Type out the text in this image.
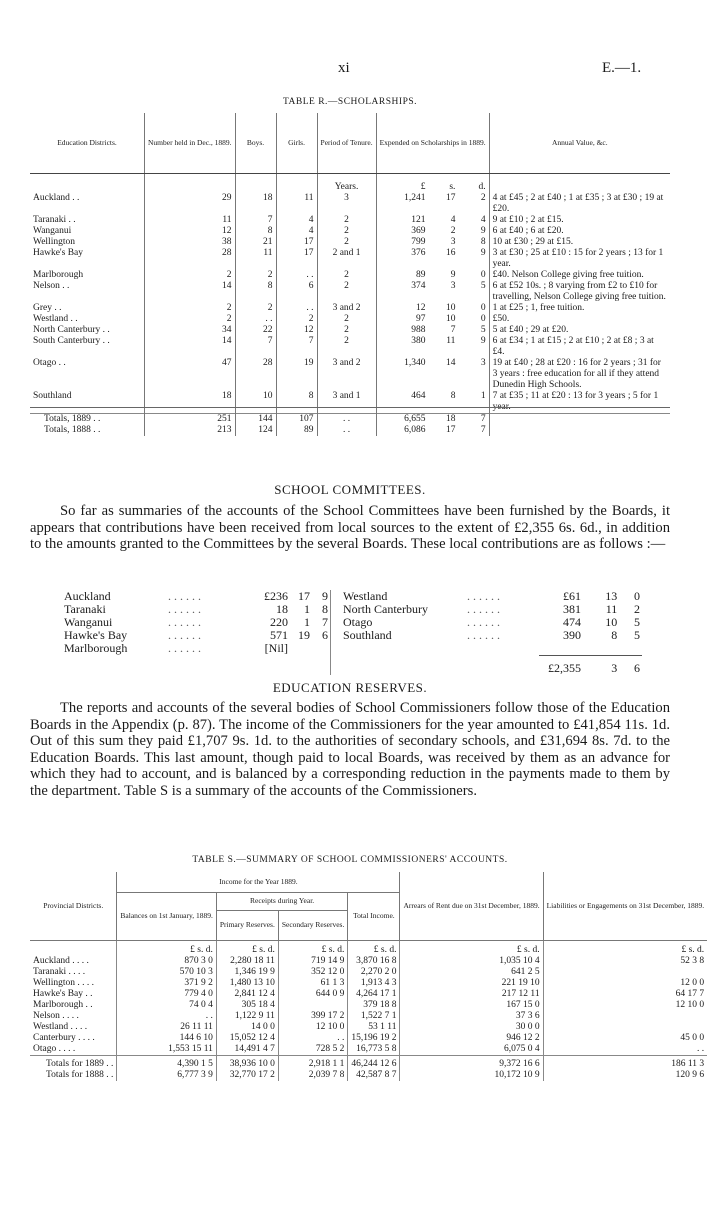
xi	E.—1.
TABLE R.—SCHOLARSHIPS.
Education Districts.	Number held in Dec., 1889.	Boys.	Girls.	Period of Tenure.	Expended on Scholarships in 1889.			Annual Value, &c.
				Years.	£	s.	d.	
Auckland . .	29	18	11	3	1,241	17	2	4 at £45 ; 2 at £40 ; 1 at £35 ; 3 at £30 ; 19 at £20.
Taranaki . .	11	7	4	2	121	4	4	9 at £10 ; 2 at £15.
Wanganui	12	8	4	2	369	2	9	6 at £40 ; 6 at £20.
Wellington	38	21	17	2	799	3	8	10 at £30 ; 29 at £15.
Hawke's Bay	28	11	17	2 and 1	376	16	9	3 at £30 ; 25 at £10 : 15 for 2 years ; 13 for 1 year.
Marlborough	2	2	. .	2	89	9	0	£40. Nelson College giving free tuition.
Nelson . .	14	8	6	2	374	3	5	6 at £52 10s. ; 8 varying from £2 to £10 for travelling, Nelson College giving free tuition.
Grey . .	2	2	. .	3 and 2	12	10	0	1 at £25 ; 1, free tuition.
Westland . .	2	. .	2	2	97	10	0	£50.
North Canterbury . .	34	22	12	2	988	7	5	5 at £40 ; 29 at £20.
South Canterbury . .	14	7	7	2	380	11	9	6 at £34 ; 1 at £15 ; 2 at £10 ; 2 at £8 ; 3 at £4.
Otago . .	47	28	19	3 and 2	1,340	14	3	19 at £40 ; 28 at £20 : 16 for 2 years ; 31 for 3 years : free education for all if they attend Dunedin High Schools.
Southland	18	10	8	3 and 1	464	8	1	7 at £35 ; 11 at £20 : 13 for 3 years ; 5 for 1 year.
Totals, 1889 . .	251	144	107	. .	6,655	18	7	
Totals, 1888 . .	213	124	89	. .	6,086	17	7	
SCHOOL COMMITTEES.
So far as summaries of the accounts of the School Committees have been furnished by the Boards, it appears that contributions have been received from local sources to the extent of £2,355 6s. 6d., in addition to the amounts granted to the Committees by the several Boards. These local contributions are as follows :—
Auckland	. . . . . .	£236	17	9		Westland	. . . . . .	£61	13	0
Taranaki	. . . . . .	18	1	8		North Canterbury	. . . . . .	381	11	2
Wanganui	. . . . . .	220	1	7		Otago	. . . . . .	474	10	5
Hawke's Bay	. . . . . .	571	19	6		Southland	. . . . . .	390	8	5
Marlborough	. . . . . .	[Nil]								
								£2,355	3	6
EDUCATION RESERVES.
The reports and accounts of the several bodies of School Commissioners follow those of the Education Boards in the Appendix (p. 87). The income of the Commissioners for the year amounted to £41,854 11s. 1d. Out of this sum they paid £1,707 9s. 1d. to the authorities of secondary schools, and £31,694 8s. 7d. to the Education Boards. This last amount, though paid to local Boards, was received by them as an advance for which they had to account, and is balanced by a corresponding reduction in the payments made to them by the department. Table S is a summary of the accounts of the Commissioners.
TABLE S.—SUMMARY OF SCHOOL COMMISSIONERS' ACCOUNTS.
Provincial Districts.	Income for the Year 1889.				Arrears of Rent due on 31st December, 1889.	Liabilities or Engagements on 31st December, 1889.
	Balances on 1st January, 1889.	Receipts during Year.		Total Income.		
		Primary Reserves.	Secondary Reserves.			
	£ s. d.	£ s. d.	£ s. d.	£ s. d.	£ s. d.	£ s. d.
Auckland . . . .	870 3 0	2,280 18 11	719 14 9	3,870 16 8	1,035 10 4	52 3 8
Taranaki . . . .	570 10 3	1,346 19 9	352 12 0	2,270 2 0	641 2 5	
Wellington . . . .	371 9 2	1,480 13 10	61 1 3	1,913 4 3	221 19 10	12 0 0
Hawke's Bay . .	779 4 0	2,841 12 4	644 0 9	4,264 17 1	217 12 11	64 17 7
Marlborough . .	74 0 4	305 18 4		379 18 8	167 15 0	12 10 0
Nelson . . . .	. .	1,122 9 11	399 17 2	1,522 7 1	37 3 6	
Westland . . . .	26 11 11	14 0 0	12 10 0	53 1 11	30 0 0	
Canterbury . . . .	144 6 10	15,052 12 4	. .	15,196 19 2	946 12 2	45 0 0
Otago . . . .	1,553 15 11	14,491 4 7	728 5 2	16,773 5 8	6,075 0 4	. .
Totals for 1889 . .	4,390 1 5	38,936 10 0	2,918 1 1	46,244 12 6	9,372 16 6	186 11 3
Totals for 1888 . .	6,777 3 9	32,770 17 2	2,039 7 8	42,587 8 7	10,172 10 9	120 9 6
